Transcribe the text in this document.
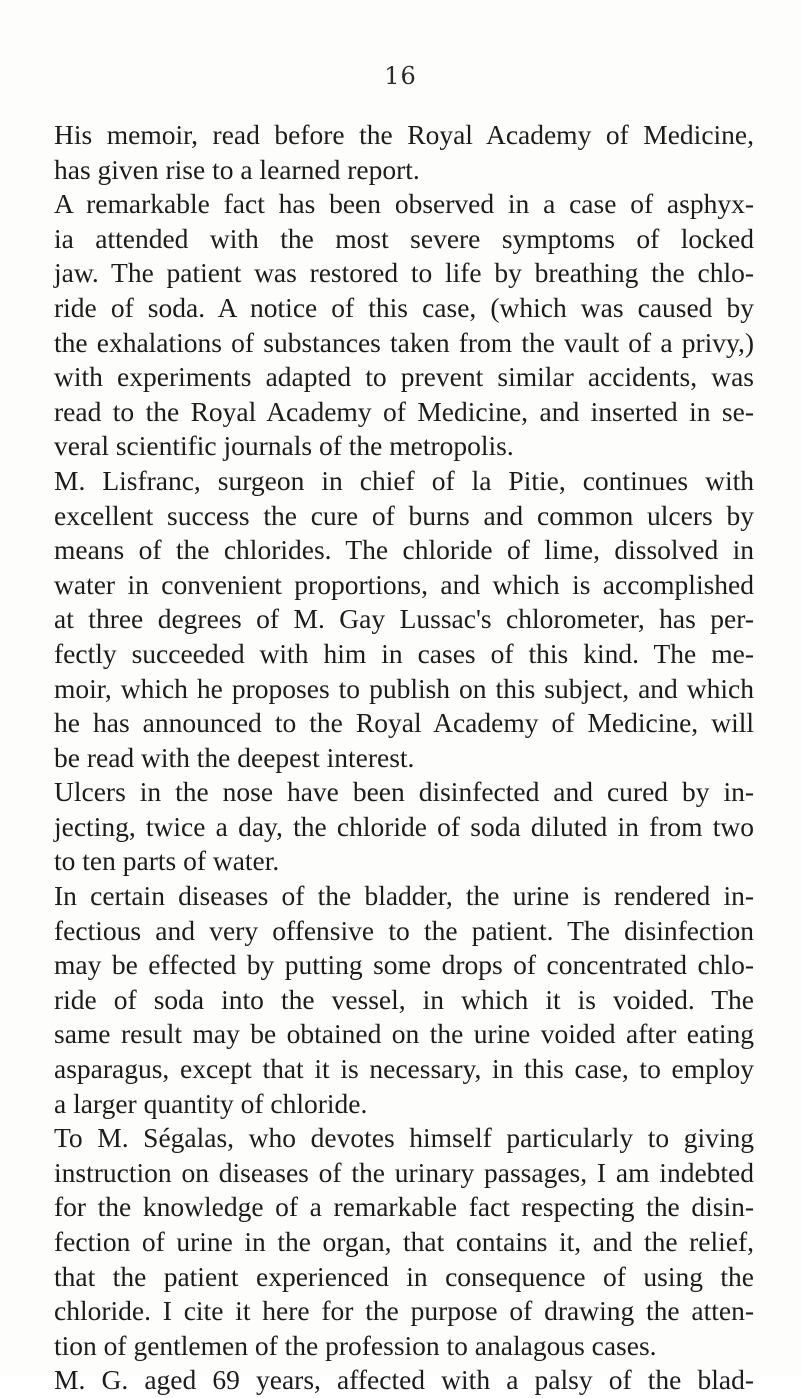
16
His memoir, read before the Royal Academy of Medicine,
has given rise to a learned report.
A remarkable fact has been observed in a case of asphyx-
ia attended with the most severe symptoms of locked
jaw. The patient was restored to life by breathing the chlo-
ride of soda. A notice of this case, (which was caused by
the exhalations of substances taken from the vault of a privy,)
with experiments adapted to prevent similar accidents, was
read to the Royal Academy of Medicine, and inserted in se-
veral scientific journals of the metropolis.
M. Lisfranc, surgeon in chief of la Pitie, continues with
excellent success the cure of burns and common ulcers by
means of the chlorides. The chloride of lime, dissolved in
water in convenient proportions, and which is accomplished
at three degrees of M. Gay Lussac's chlorometer, has per-
fectly succeeded with him in cases of this kind. The me-
moir, which he proposes to publish on this subject, and which
he has announced to the Royal Academy of Medicine, will
be read with the deepest interest.
Ulcers in the nose have been disinfected and cured by in-
jecting, twice a day, the chloride of soda diluted in from two
to ten parts of water.
In certain diseases of the bladder, the urine is rendered in-
fectious and very offensive to the patient. The disinfection
may be effected by putting some drops of concentrated chlo-
ride of soda into the vessel, in which it is voided. The
same result may be obtained on the urine voided after eating
asparagus, except that it is necessary, in this case, to employ
a larger quantity of chloride.
To M. Ségalas, who devotes himself particularly to giving
instruction on diseases of the urinary passages, I am indebted
for the knowledge of a remarkable fact respecting the disin-
fection of urine in the organ, that contains it, and the relief,
that the patient experienced in consequence of using the
chloride. I cite it here for the purpose of drawing the atten-
tion of gentlemen of the profession to analagous cases.
M. G. aged 69 years, affected with a palsy of the blad-
